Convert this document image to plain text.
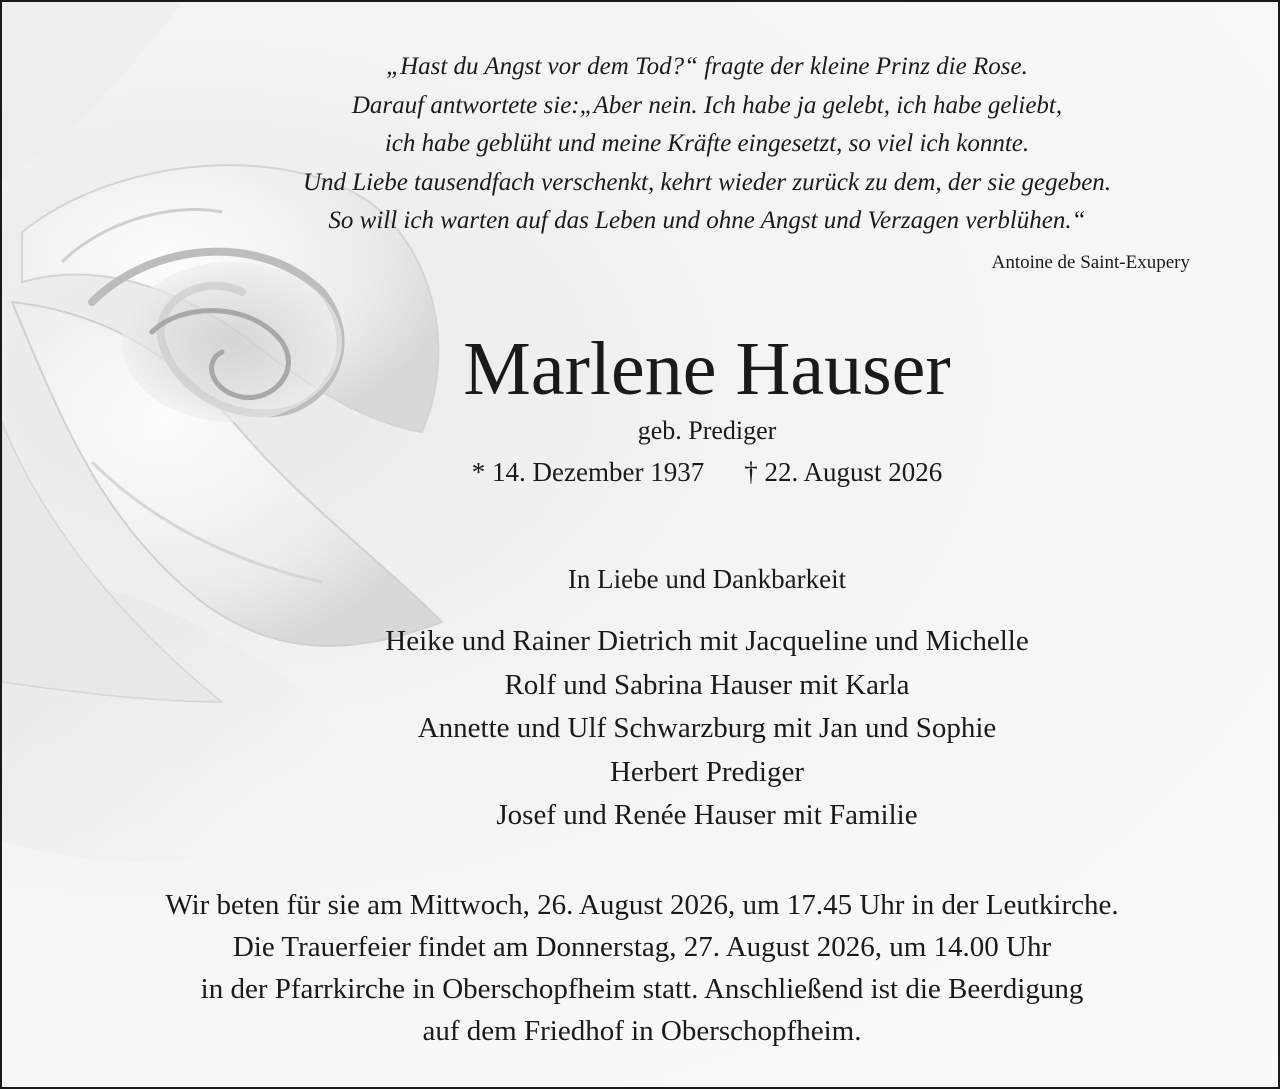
„Hast du Angst vor dem Tod?“ fragte der kleine Prinz die Rose.
Darauf antwortete sie:„Aber nein. Ich habe ja gelebt, ich habe geliebt,
ich habe geblüht und meine Kräfte eingesetzt, so viel ich konnte.
Und Liebe tausendfach verschenkt, kehrt wieder zurück zu dem, der sie gegeben.
So will ich warten auf das Leben und ohne Angst und Verzagen verblühen.“

Antoine de Saint-Exupery
Marlene Hauser
geb. Prediger
* 14. Dezember 1937 † 22. August 2026
In Liebe und Dankbarkeit
Heike und Rainer Dietrich mit Jacqueline und Michelle
Rolf und Sabrina Hauser mit Karla
Annette und Ulf Schwarzburg mit Jan und Sophie
Herbert Prediger
Josef und Renée Hauser mit Familie
Wir beten für sie am Mittwoch, 26. August 2026, um 17.45 Uhr in der Leutkirche.
Die Trauerfeier findet am Donnerstag, 27. August 2026, um 14.00 Uhr
in der Pfarrkirche in Oberschopfheim statt. Anschließend ist die Beerdigung
auf dem Friedhof in Oberschopfheim.
